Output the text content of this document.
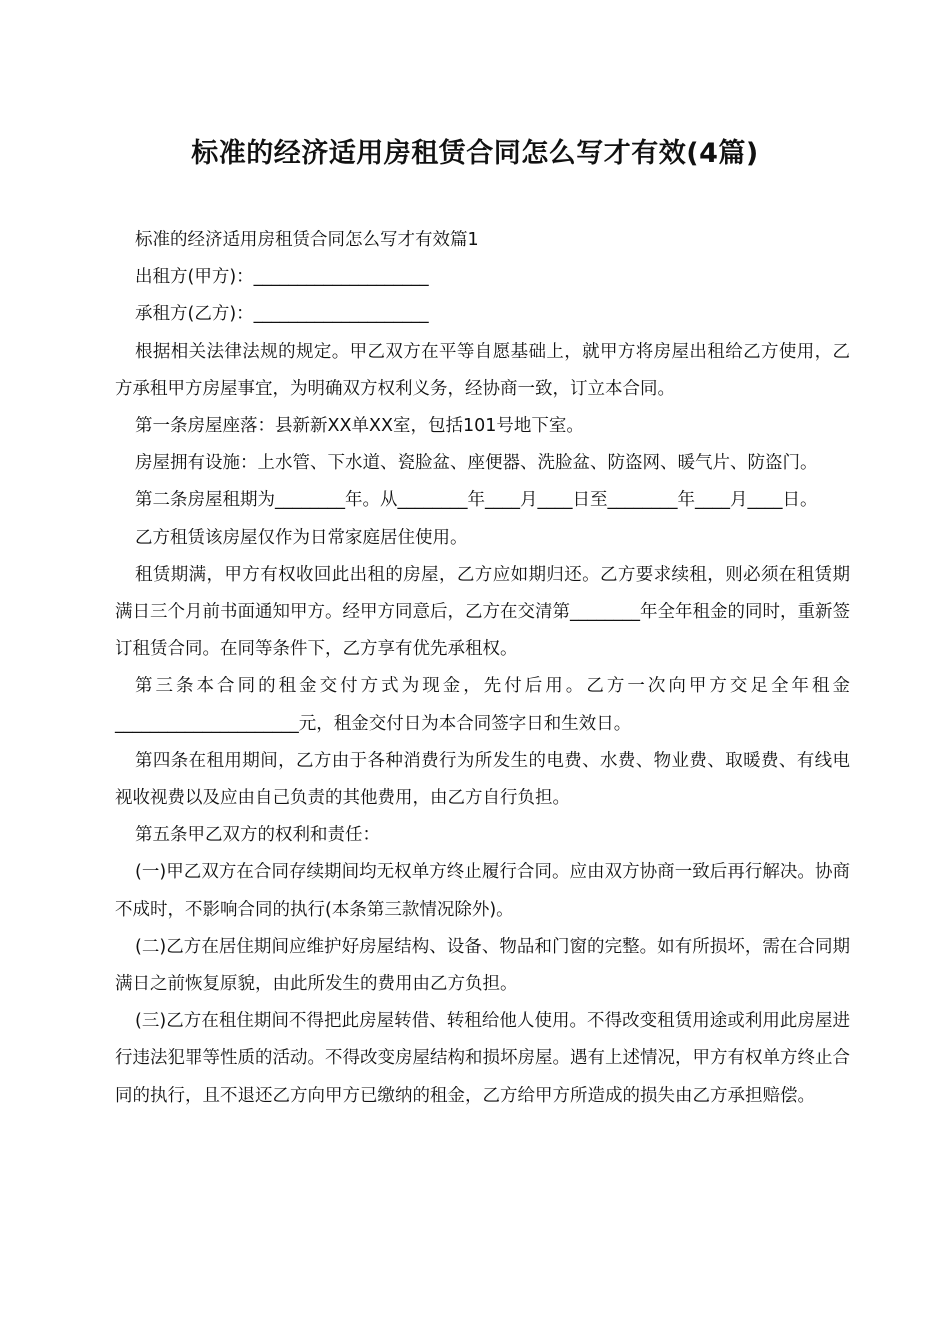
标准的经济适用房租赁合同怎么写才有效(4篇)

标准的经济适用房租赁合同怎么写才有效篇1

出租方(甲方)：____________________

承租方(乙方)：____________________

根据相关法律法规的规定。甲乙双方在平等自愿基础上，就甲方将房屋出租给乙方使用，乙方承租甲方房屋事宜，为明确双方权利义务，经协商一致，订立本合同。

第一条房屋座落：县新新XX单XX室，包括101号地下室。

房屋拥有设施：上水管、下水道、瓷脸盆、座便器、洗脸盆、防盗网、暖气片、防盗门。

第二条房屋租期为________年。从________年____月____日至________年____月____日。

乙方租赁该房屋仅作为日常家庭居住使用。

租赁期满，甲方有权收回此出租的房屋，乙方应如期归还。乙方要求续租，则必须在租赁期满日三个月前书面通知甲方。经甲方同意后，乙方在交清第________年全年租金的同时，重新签订租赁合同。在同等条件下，乙方享有优先承租权。

第三条本合同的租金交付方式为现金，先付后用。乙方一次向甲方交足全年租金_____________________元，租金交付日为本合同签字日和生效日。

第四条在租用期间，乙方由于各种消费行为所发生的电费、水费、物业费、取暖费、有线电视收视费以及应由自己负责的其他费用，由乙方自行负担。

第五条甲乙双方的权利和责任：

(一)甲乙双方在合同存续期间均无权单方终止履行合同。应由双方协商一致后再行解决。协商不成时，不影响合同的执行(本条第三款情况除外)。

(二)乙方在居住期间应维护好房屋结构、设备、物品和门窗的完整。如有所损坏，需在合同期满日之前恢复原貌，由此所发生的费用由乙方负担。

(三)乙方在租住期间不得把此房屋转借、转租给他人使用。不得改变租赁用途或利用此房屋进行违法犯罪等性质的活动。不得改变房屋结构和损坏房屋。遇有上述情况，甲方有权单方终止合同的执行，且不退还乙方向甲方已缴纳的租金，乙方给甲方所造成的损失由乙方承担赔偿。
